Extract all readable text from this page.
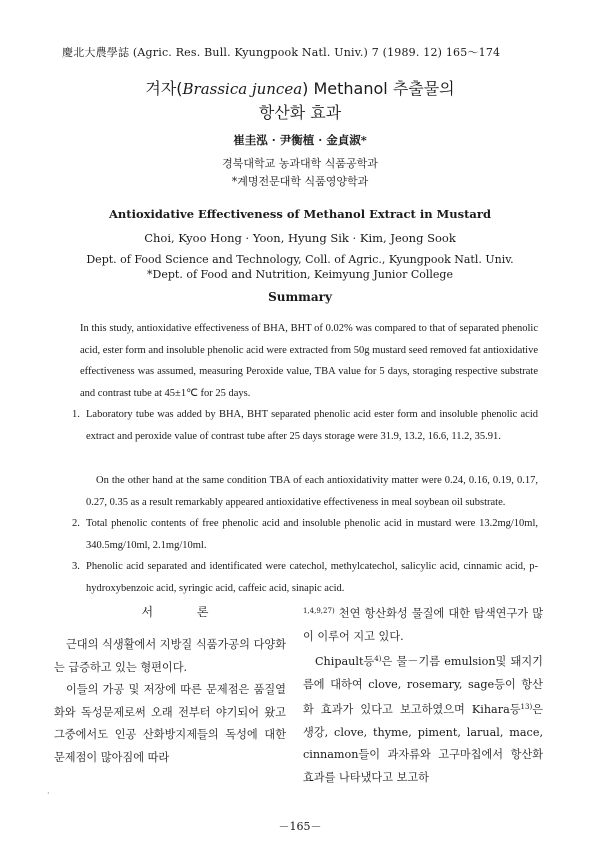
慶北大農學誌 (Agric. Res. Bull. Kyungpook Natl. Univ.) 7 (1989. 12) 165～174
겨자(Brassica juncea) Methanol 추출물의
항산화 효과
崔圭泓 · 尹衡植 · 金貞淑*
경북대학교 농과대학 식품공학과
*계명전문대학 식품영양학과
Antioxidative Effectiveness of Methanol Extract in Mustard
Choi, Kyoo Hong · Yoon, Hyung Sik · Kim, Jeong Sook
Dept. of Food Science and Technology, Coll. of Agric., Kyungpook Natl. Univ.
*Dept. of Food and Nutrition, Keimyung Junior College
Summary
In this study, antioxidative effectiveness of BHA, BHT of 0.02% was compared to that of separated phenolic acid, ester form and insoluble phenolic acid were extracted from 50g mustard seed removed fat antioxidative effectiveness was assumed, measuring Peroxide value, TBA value for 5 days, storaging respective substrate and contrast tube at 45±1℃ for 25 days.
1. Laboratory tube was added by BHA, BHT separated phenolic acid ester form and insoluble phenolic acid extract and peroxide value of contrast tube after 25 days storage were 31.9, 13.2, 16.6, 11.2, 35.91.
On the other hand at the same condition TBA of each antioxidativity matter were 0.24, 0.16, 0.19, 0.17, 0.27, 0.35 as a result remarkably appeared antioxidative effectiveness in meal soybean oil substrate.
2. Total phenolic contents of free phenolic acid and insoluble phenolic acid in mustard were 13.2mg/10ml, 340.5mg/10ml, 2.1mg/10ml.
3. Phenolic acid separated and identificated were catechol, methylcatechol, salicylic acid, cinnamic acid, p-hydroxybenzoic acid, syringic acid, caffeic acid, sinapic acid.
서 론

근대의 식생활에서 지방질 식품가공의 다양화는 급증하고 있는 형편이다.

이들의 가공 및 저장에 따른 문제점은 품질열화와 독성문제로써 오래 전부터 야기되어 왔고 그중에서도 인공 산화방지제들의 독성에 대한 문제점이 많아짐에 따라

$^{1,4,9,27)}$ 천연 항산화성 물질에 대한 탐색연구가 많이 이루어 지고 있다.

Chipault등$^{4)}$은 물－기름 emulsion및 돼지기름에 대하여 clove, rosemary, sage등이 항산화 효과가 있다고 보고하였으며 Kihara등$^{13)}$은 생강, clove, thyme, piment, larual, mace, cinnamon들이 과자류와 고구마칩에서 항산화 효과를 나타냈다고 보고하

·
－165－
